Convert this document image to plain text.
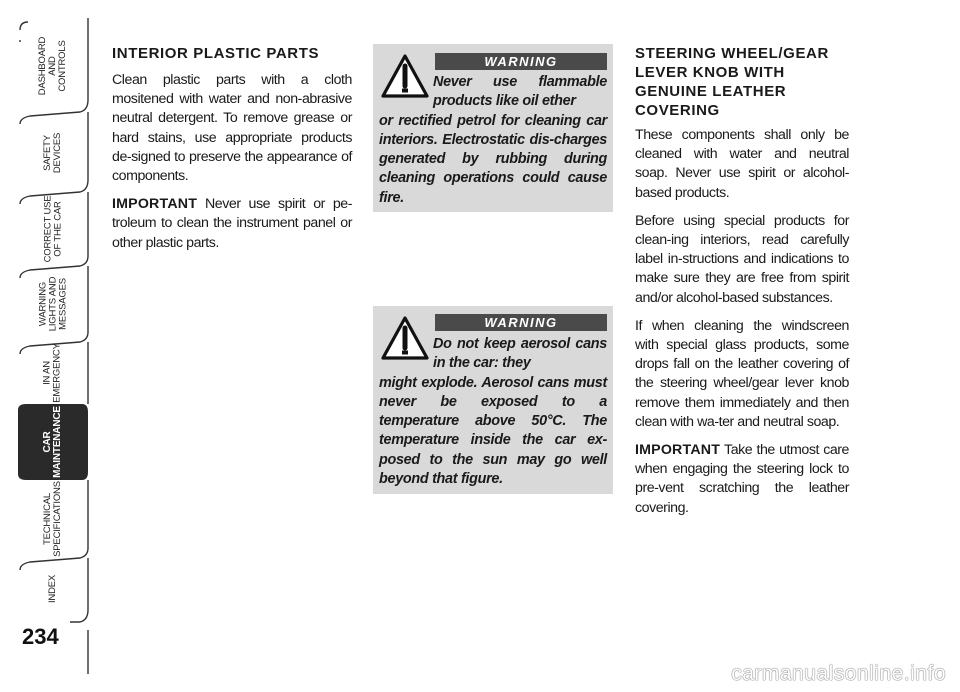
DASHBOARD
AND
CONTROLS
SAFETY
DEVICES
CORRECT USE
OF THE CAR
WARNING
LIGHTS AND
MESSAGES
IN AN
EMERGENCY
CAR
MAINTENANCE
TECHNICAL
SPECIFICATIONS
INDEX
234
INTERIOR PLASTIC PARTS

Clean plastic parts with a cloth mositened with water and non-abrasive neutral detergent. To remove grease or hard stains, use appropriate products de-signed to preserve the appearance of components.

IMPORTANT Never use spirit or pe-troleum to clean the instrument panel or other plastic parts.

WARNING
Never use flammable products like oil ether
or rectified petrol for cleaning car interiors. Electrostatic dis-charges generated by rubbing during cleaning operations could cause fire.
WARNING
Do not keep aerosol cans in the car: they
might explode. Aerosol cans must never be exposed to a temperature above 50°C. The temperature inside the car ex-posed to the sun may go well beyond that figure.
STEERING WHEEL/GEAR LEVER KNOB WITH GENUINE LEATHER COVERING

These components shall only be cleaned with water and neutral soap. Never use spirit or alcohol-based products.

Before using special products for clean-ing interiors, read carefully label in-structions and indications to make sure they are free from spirit and/or alcohol-based substances.

If when cleaning the windscreen with special glass products, some drops fall on the leather covering of the steering wheel/gear lever knob remove them immediately and then clean with wa-ter and neutral soap.

IMPORTANT Take the utmost care when engaging the steering lock to pre-vent scratching the leather covering.

carmanualsonline.info
